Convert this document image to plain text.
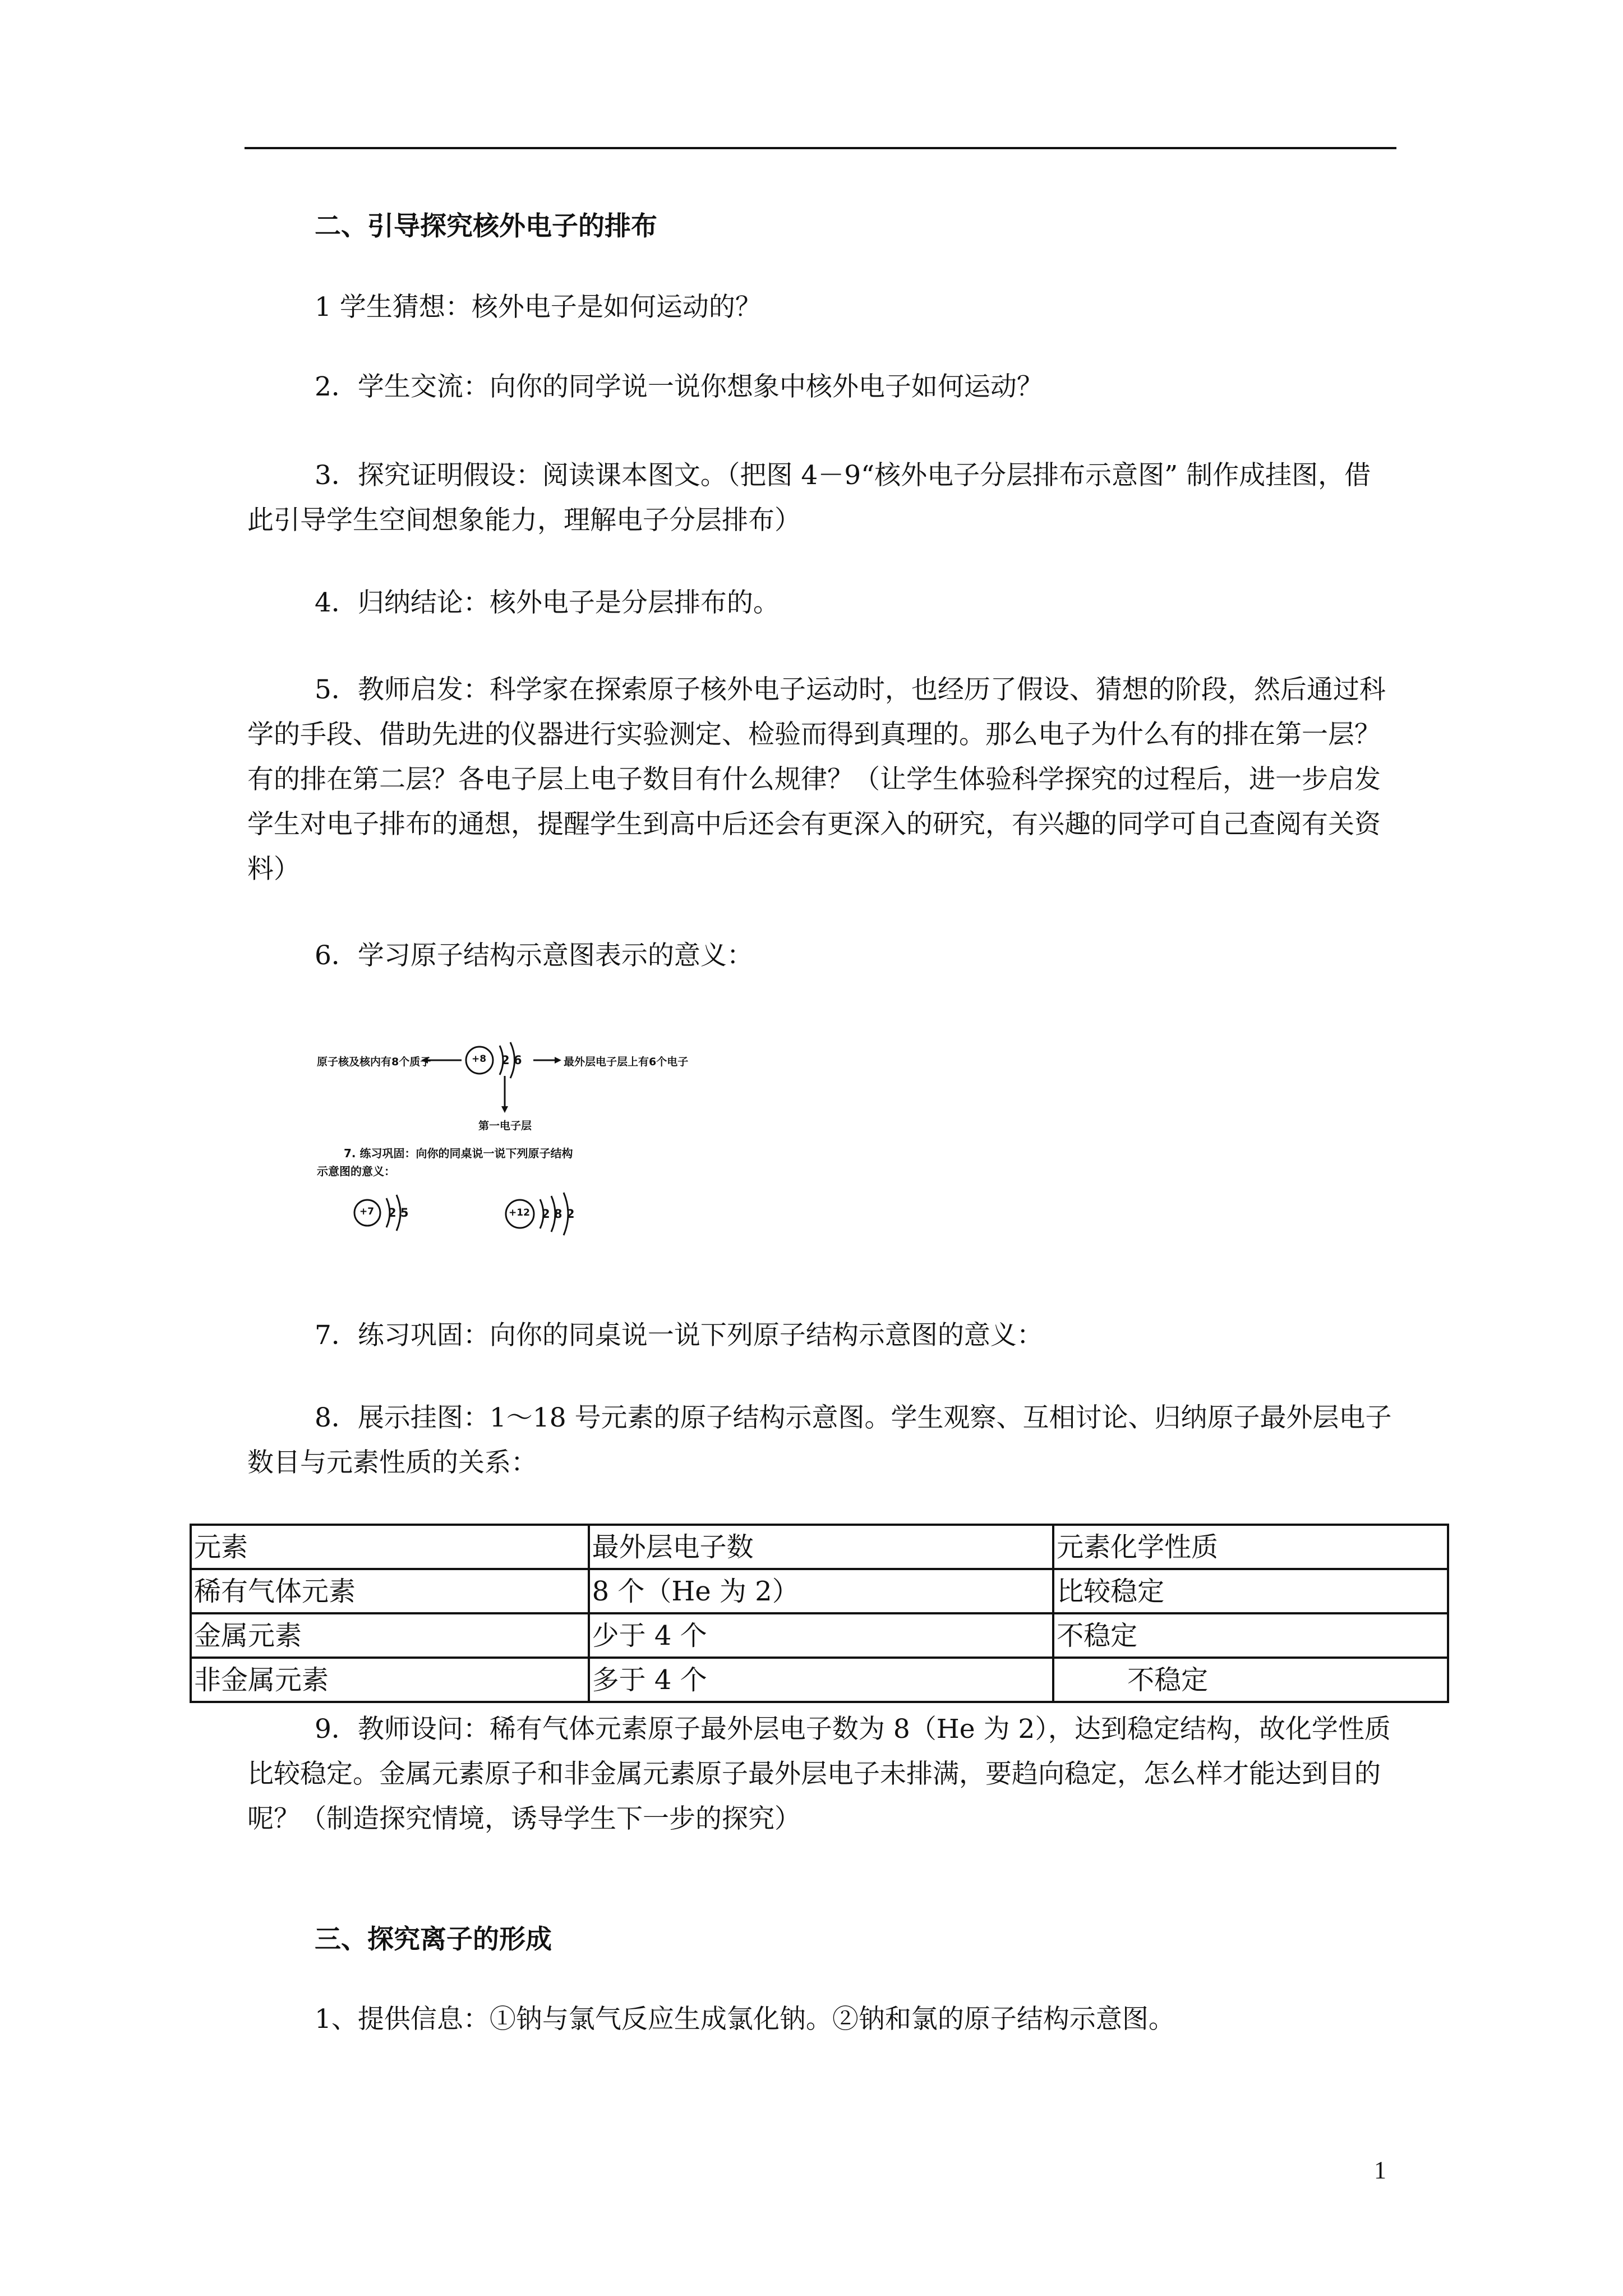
二、引导探究核外电子的排布

1 学生猜想：核外电子是如何运动的？

2．学生交流：向你的同学说一说你想象中核外电子如何运动？

3．探究证明假设：阅读课本图文。（把图 4－9“核外电子分层排布示意图” 制作成挂图，借此引导学生空间想象能力，理解电子分层排布）

4．归纳结论：核外电子是分层排布的。

5．教师启发：科学家在探索原子核外电子运动时，也经历了假设、猜想的阶段，然后通过科学的手段、借助先进的仪器进行实验测定、检验而得到真理的。那么电子为什么有的排在第一层？有的排在第二层？各电子层上电子数目有什么规律？（让学生体验科学探究的过程后，进一步启发学生对电子排布的通想，提醒学生到高中后还会有更深入的研究，有兴趣的同学可自己查阅有关资料）

6．学习原子结构示意图表示的意义：

原子核及核内有8个质子	+8 2 6	最外层电子层上有6个电子
第一电子层
7. 练习巩固：向你的同桌说一说下列原子结构
示意图的意义：
+7 2 5	+12 2 8 2

7．练习巩固：向你的同桌说一说下列原子结构示意图的意义：

8．展示挂图：1～18 号元素的原子结构示意图。学生观察、互相讨论、归纳原子最外层电子数目与元素性质的关系：

元素	最外层电子数	元素化学性质
稀有气体元素	8 个（He 为 2）	比较稳定
金属元素	少于 4 个	不稳定
非金属元素	多于 4 个	不稳定

9．教师设问：稀有气体元素原子最外层电子数为 8（He 为 2），达到稳定结构，故化学性质比较稳定。金属元素原子和非金属元素原子最外层电子未排满，要趋向稳定，怎么样才能达到目的呢？（制造探究情境，诱导学生下一步的探究）

三、探究离子的形成

1、提供信息：①钠与氯气反应生成氯化钠。②钠和氯的原子结构示意图。

1
